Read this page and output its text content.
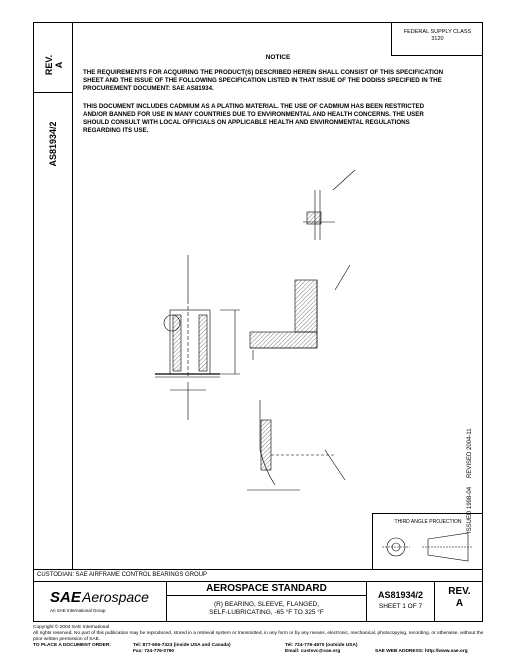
REV. A
AS81934/2
FEDERAL SUPPLY CLASS
3120
NOTICE
THE REQUIREMENTS FOR ACQUIRING THE PRODUCT(S) DESCRIBED HEREIN SHALL CONSIST OF THIS SPECIFICATION SHEET AND THE ISSUE OF THE FOLLOWING SPECIFICATION LISTED IN THAT ISSUE OF THE DODISS SPECIFIED IN THE PROCUREMENT DOCUMENT: SAE AS81934.
THIS DOCUMENT INCLUDES CADMIUM AS A PLATING MATERIAL. THE USE OF CADMIUM HAS BEEN RESTRICTED AND/OR BANNED FOR USE IN MANY COUNTRIES DUE TO ENVIRONMENTAL AND HEALTH CONCERNS. THE USER SHOULD CONSULT WITH LOCAL OFFICIALS ON APPLICABLE HEALTH AND ENVIRONMENTAL REGULATIONS REGARDING ITS USE.
REVISED 2004-11
ISSUED 1998-04
THIRD ANGLE PROJECTION
CUSTODIAN: SAE AIRFRAME CONTROL BEARINGS GROUP
SAE Aerospace
An SAE International Group
AEROSPACE STANDARD
(R) BEARING, SLEEVE, FLANGED,
SELF-LUBRICATING, -65 °F TO 325 °F
AS81934/2
SHEET 1 OF 7
REV.
A
Copyright © 2004 SAE International
All rights reserved. No part of this publication may be reproduced, stored in a retrieval system or transmitted, in any form or by any means, electronic, mechanical, photocopying, recording, or otherwise, without the prior written permission of SAE.
TO PLACE A DOCUMENT ORDER:	Tel: 877-606-7323 (inside USA and Canada)
Fax: 724-776-0790
Tel: 724-776-4970 (outside USA)
Email: custsvc@sae.org	SAE WEB ADDRESS: http://www.sae.org
